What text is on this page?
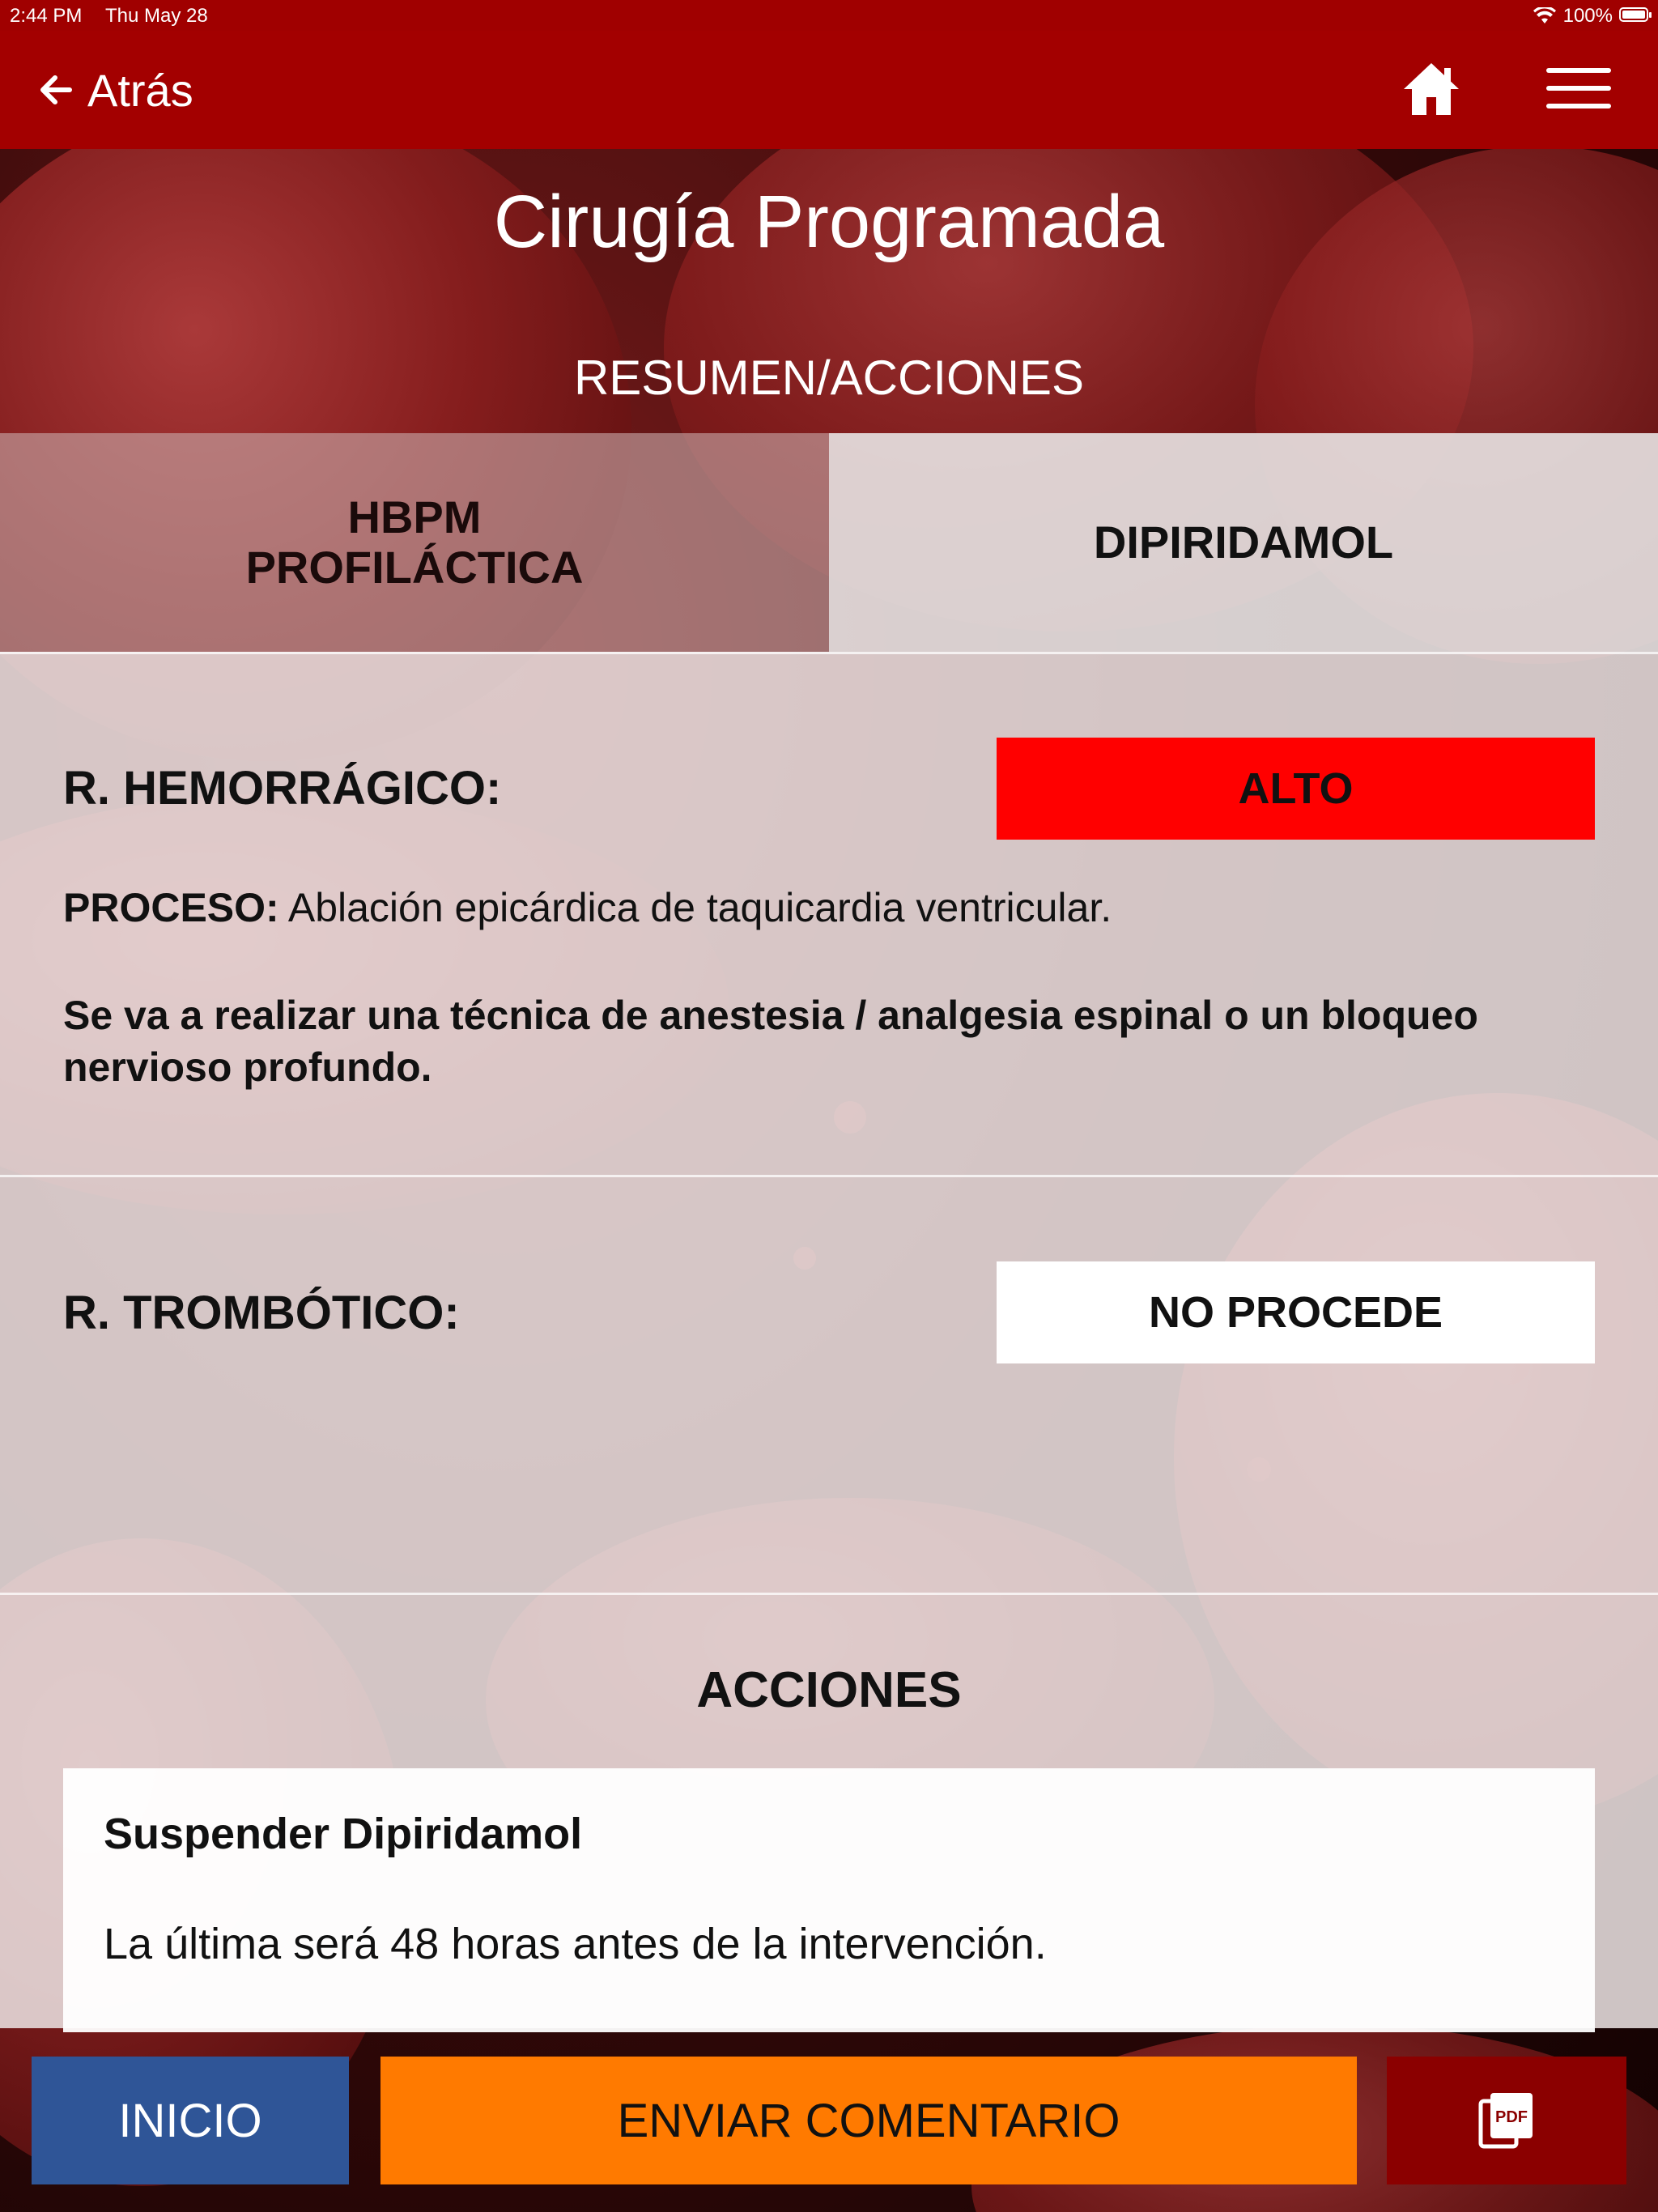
2:44 PM Thu May 28	100%
Atrás
Cirugía Programada
RESUMEN/ACCIONES
HBPM
PROFILÁCTICA	DIPIRIDAMOL
R. HEMORRÁGICO:	ALTO
PROCESO: Ablación epicárdica de taquicardia ventricular.
Se va a realizar una técnica de anestesia / analgesia espinal o un bloqueo nervioso profundo.
R. TROMBÓTICO:	NO PROCEDE
ACCIONES
Suspender Dipiridamol
La última será 48 horas antes de la intervención.
INICIO	ENVIAR COMENTARIO	PDF
